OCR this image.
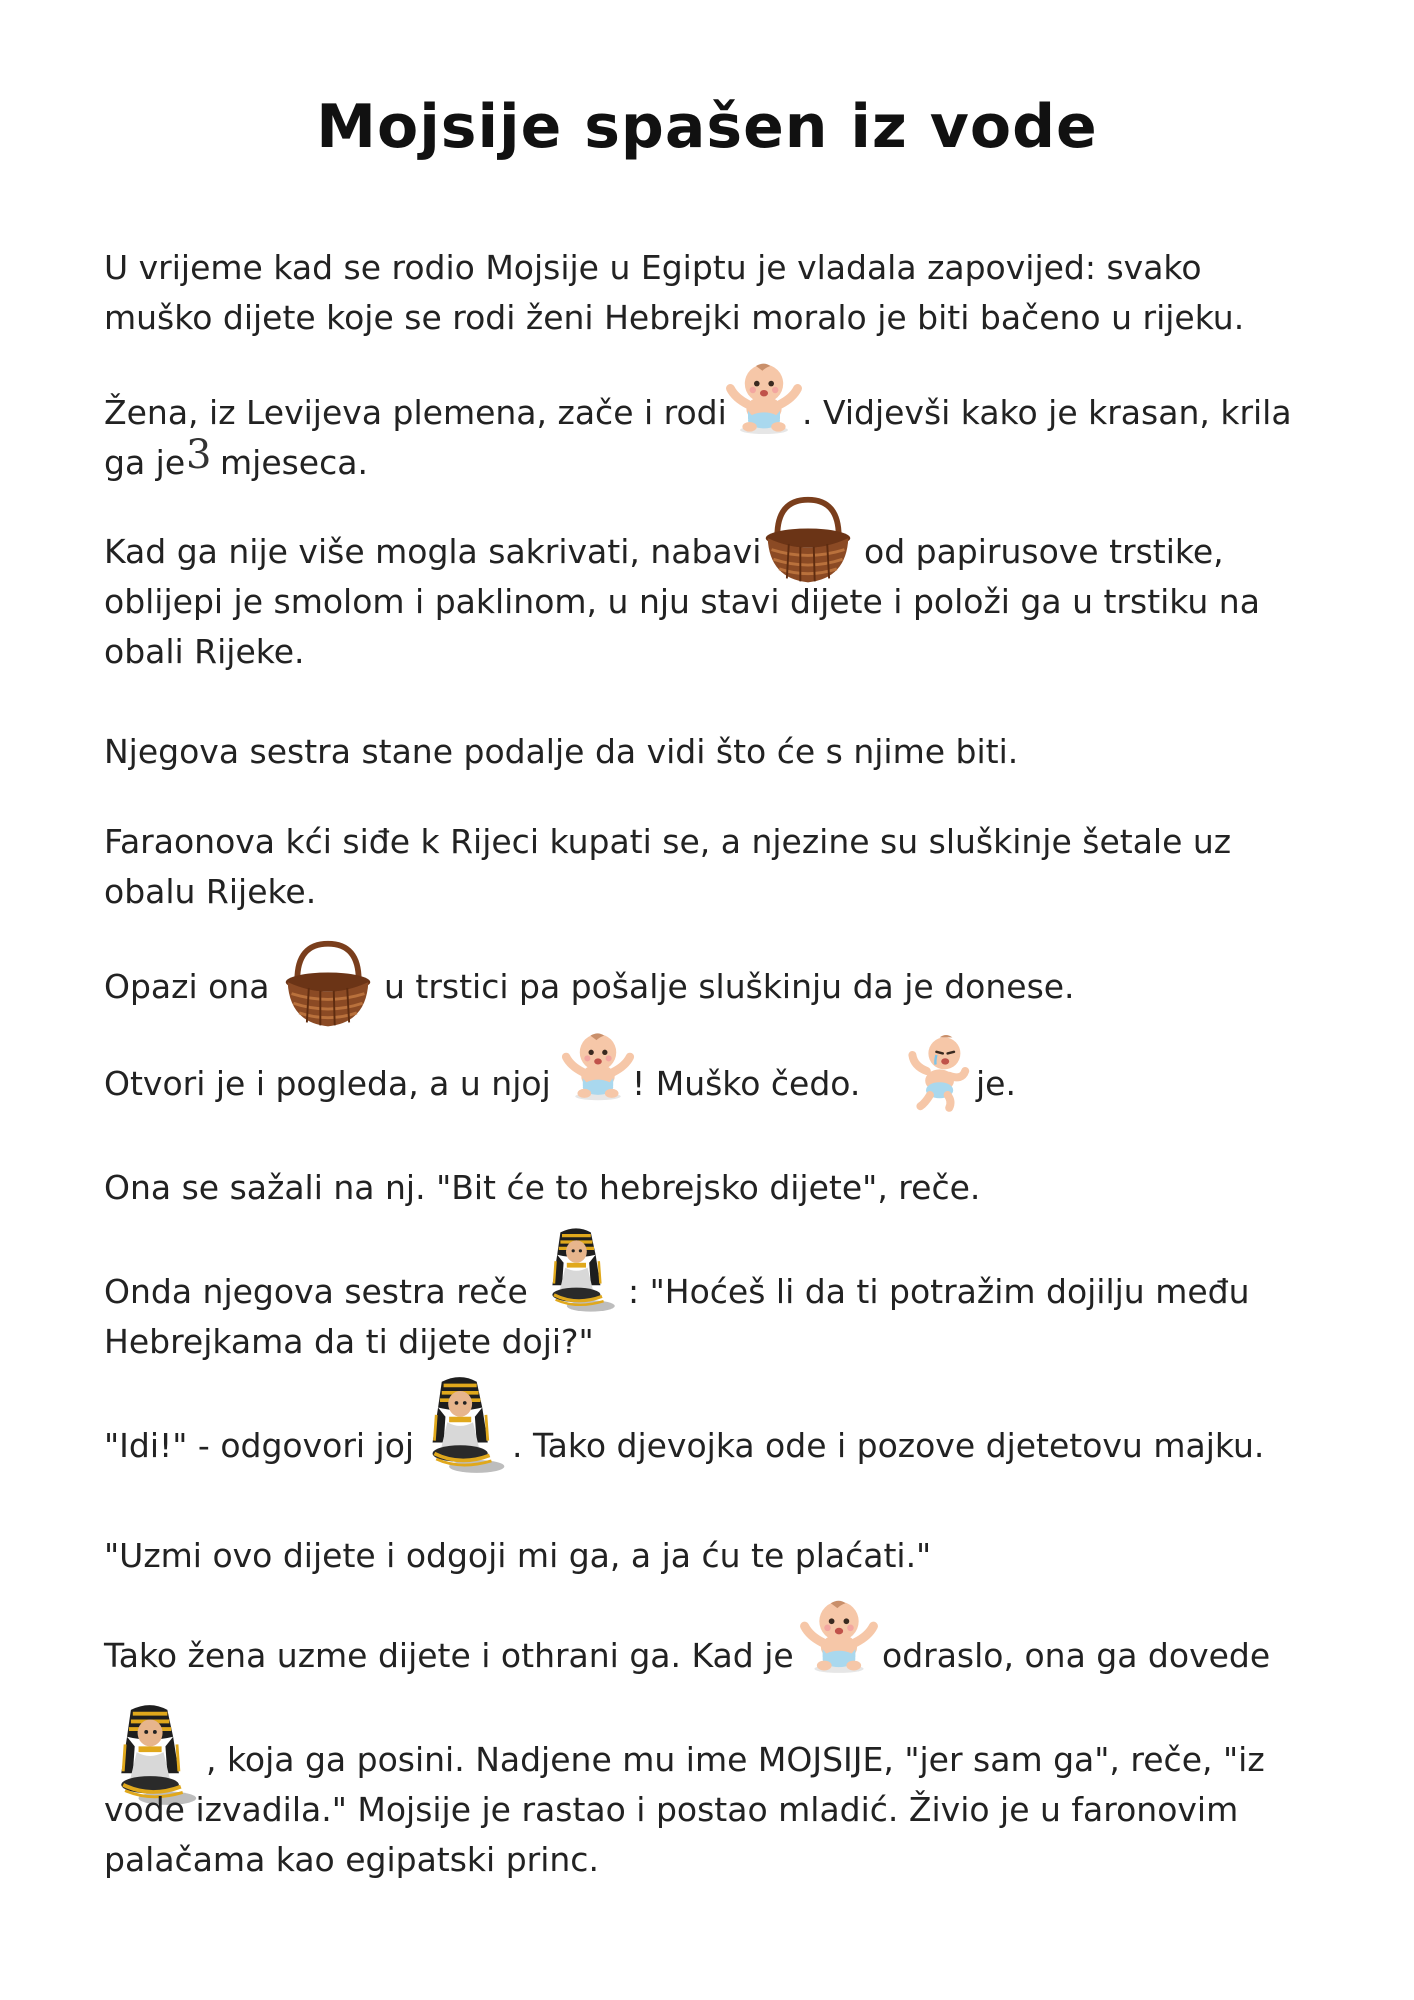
Mojsije spašen iz vode
U vrijeme kad se rodio Mojsije u Egiptu je vladala zapovijed: svako
muško dijete koje se rodi ženi Hebrejki moralo je biti bačeno u rijeku.
Žena, iz Levijeva plemena, zače i rodi . Vidjevši kako je krasan, krila
ga je 3 mjeseca.
Kad ga nije više mogla sakrivati, nabavi	od papirusove trstike,
oblijepi je smolom i paklinom, u nju stavi dijete i položi ga u trstiku na
obali Rijeke.
Njegova sestra stane podalje da vidi što će s njime biti.
Faraonova kći siđe k Rijeci kupati se, a njezine su sluškinje šetale uz
obalu Rijeke.
Opazi ona	u trstici pa pošalje sluškinju da je donese.
Otvori je i pogleda, a u njoj ! Muško čedo.	je.
Ona se sažali na nj. "Bit će to hebrejsko dijete", reče.
Onda njegova sestra reče	: "Hoćeš li da ti potražim dojilju među
Hebrejkama da ti dijete doji?"
"Idi!" - odgovori joj	. Tako djevojka ode i pozove djetetovu majku.
"Uzmi ovo dijete i odgoji mi ga, a ja ću te plaćati."
Tako žena uzme dijete i othrani ga. Kad je	odraslo, ona ga dovede
, koja ga posini. Nadjene mu ime MOJSIJE, "jer sam ga", reče, "iz
vode izvadila." Mojsije je rastao i postao mladić. Živio je u faronovim
palačama kao egipatski princ.
